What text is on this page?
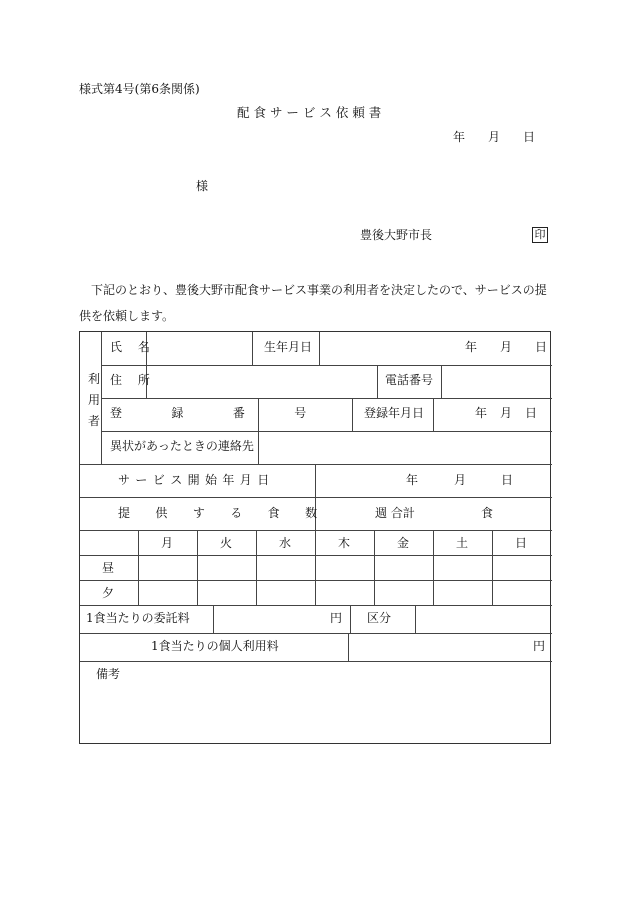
様式第4号(第6条関係)
配 食 サ ー ビ ス 依 頼 書
年 月 日
様
豊後大野市長	印
下記のとおり、豊後大野市配食サービス事業の利用者を決定したので、サービスの提供を依頼します。
利
用
者
氏 名	生年月日	年 月 日
住 所	電話番号
登 録 番 号	登録年月日	年 月 日
異状があったときの連絡先
サービス開始年月日	年	月	日
提 供 す る 食 数	週 合計	食
月	火	水	木	金	土	日
昼
夕
1食当たりの委託料	円 区分
1食当たりの個人利用料	円
備考
